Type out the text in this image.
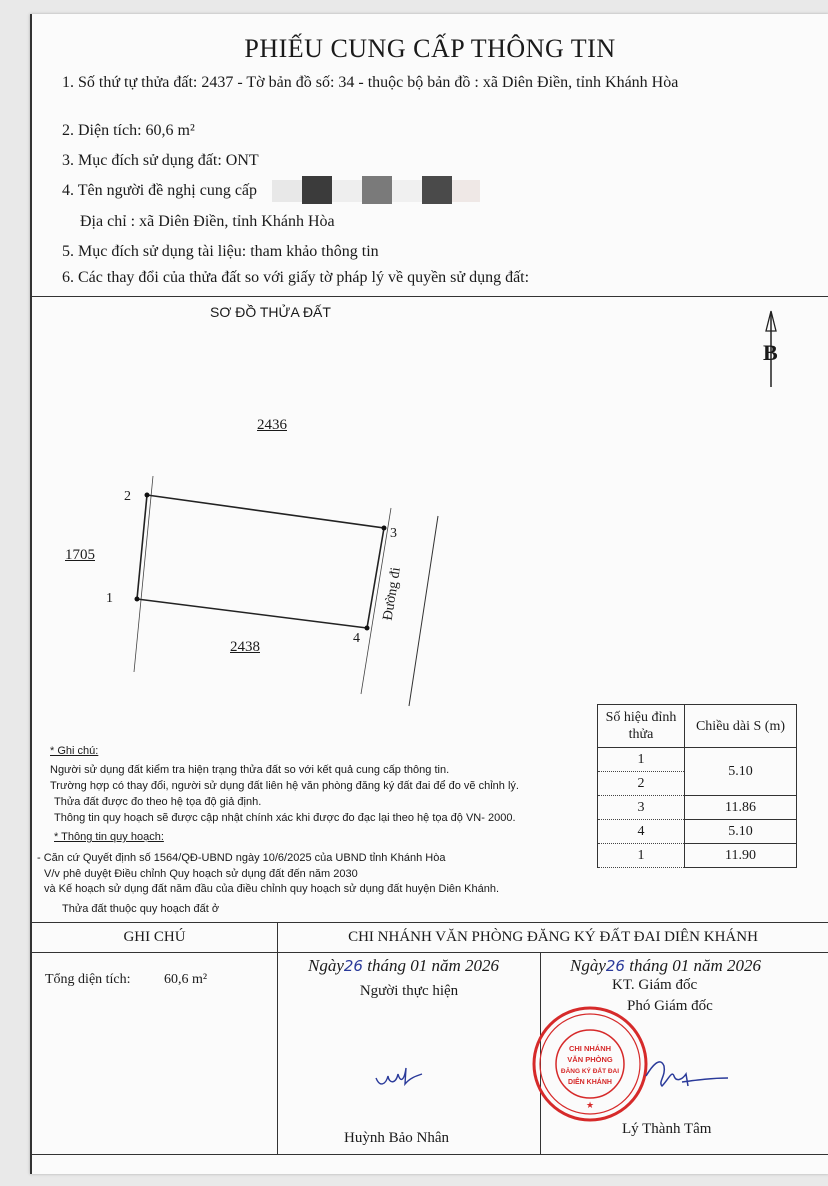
PHIẾU CUNG CẤP THÔNG TIN
1. Số thứ tự thửa đất: 2437 - Tờ bản đồ số: 34 - thuộc bộ bản đồ : xã Diên Điền, tỉnh Khánh Hòa
2. Diện tích: 60,6 m²
3. Mục đích sử dụng đất: ONT
4. Tên người đề nghị cung cấp
Địa chỉ : xã Diên Điền, tỉnh Khánh Hòa
5. Mục đích sử dụng tài liệu: tham khảo thông tin
6. Các thay đổi của thửa đất so với giấy tờ pháp lý về quyền sử dụng đất:
SƠ ĐỒ THỬA ĐẤT
B
2436
1705
2438
2
1
3
4
Đường đi
* Ghi chú:
Người sử dụng đất kiểm tra hiện trạng thửa đất so với kết quả cung cấp thông tin.
Trường hợp có thay đổi, người sử dụng đất liên hệ văn phòng đăng ký đất đai để đo vẽ chỉnh lý.
Thửa đất được đo theo hệ tọa độ giả định.
Thông tin quy hoạch sẽ được cập nhật chính xác khi được đo đạc lại theo hệ tọa độ VN- 2000.
* Thông tin quy hoạch:
- Căn cứ Quyết định số 1564/QĐ-UBND ngày 10/6/2025 của UBND tỉnh Khánh Hòa
V/v phê duyệt Điều chỉnh Quy hoạch sử dụng đất đến năm 2030
và Kế hoạch sử dụng đất năm đầu của điều chỉnh quy hoạch sử dụng đất huyện Diên Khánh.
Thửa đất thuộc quy hoạch đất ở
Số hiệu đỉnh thửa	Chiều dài S (m)
1	5.10
2	
3	11.86
4	5.10
1	11.90
GHI CHÚ	CHI NHÁNH VĂN PHÒNG ĐĂNG KÝ ĐẤT ĐAI DIÊN KHÁNH
Tổng diện tích: 60,6 m²
Ngày26 tháng 01 năm 2026
Người thực hiện
Ngày26 tháng 01 năm 2026
KT. Giám đốc
Phó Giám đốc
Huỳnh Bảo Nhân
CHI NHÁNH
VĂN PHÒNG
ĐĂNG KÝ ĐẤT ĐAI
DIÊN KHÁNH
★
Lý Thành Tâm
